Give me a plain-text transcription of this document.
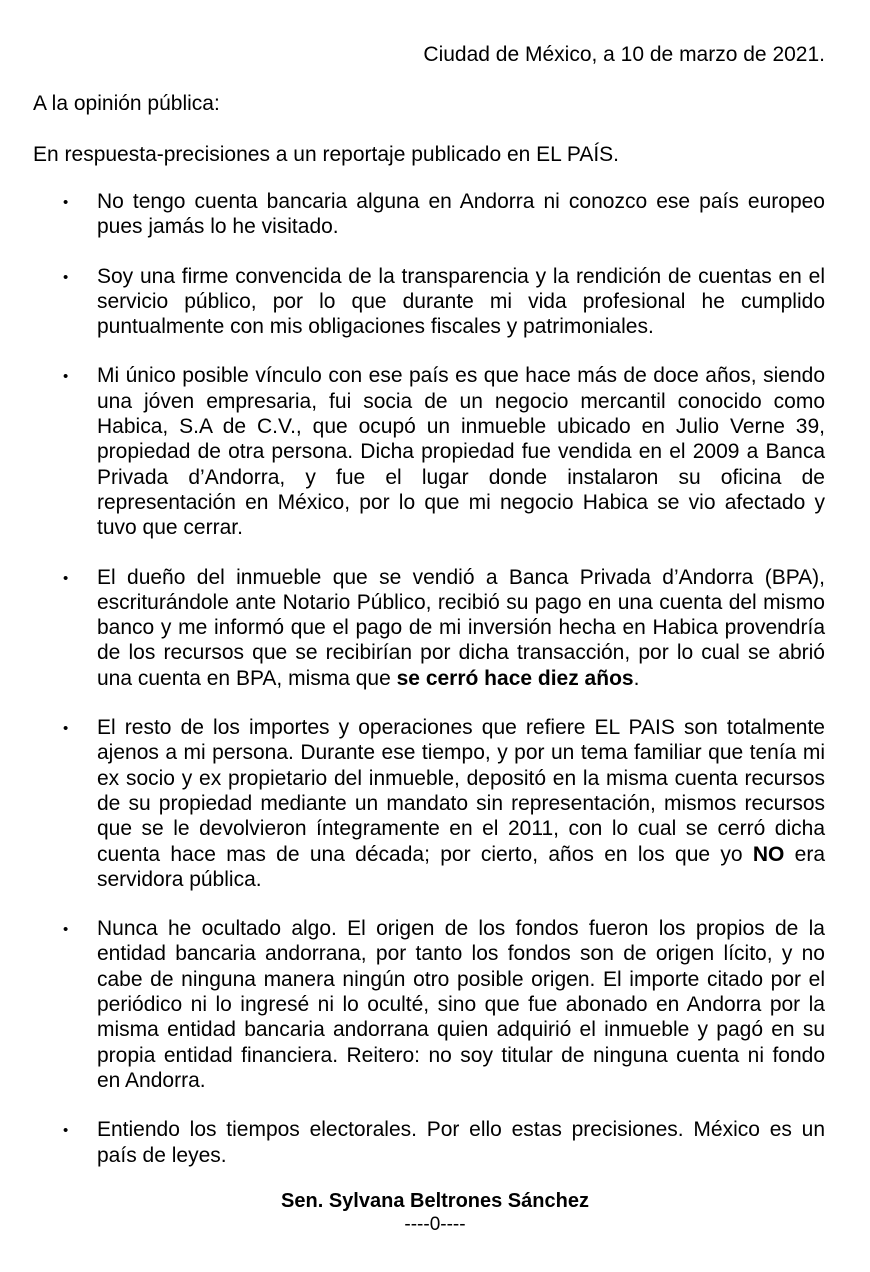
Ciudad de México, a 10 de marzo de 2021.
A la opinión pública:
En respuesta-precisiones a un reportaje publicado en EL PAÍS.
• No tengo cuenta bancaria alguna en Andorra ni conozco ese país europeo pues jamás lo he visitado.
• Soy una firme convencida de la transparencia y la rendición de cuentas en el servicio público, por lo que durante mi vida profesional he cumplido puntualmente con mis obligaciones fiscales y patrimoniales.
• Mi único posible vínculo con ese país es que hace más de doce años, siendo una jóven empresaria, fui socia de un negocio mercantil conocido como Habica, S.A de C.V., que ocupó un inmueble ubicado en Julio Verne 39, propiedad de otra persona. Dicha propiedad fue vendida en el 2009 a Banca Privada d’Andorra, y fue el lugar donde instalaron su oficina de representación en México, por lo que mi negocio Habica se vio afectado y tuvo que cerrar.
• El dueño del inmueble que se vendió a Banca Privada d’Andorra (BPA), escriturándole ante Notario Público, recibió su pago en una cuenta del mismo banco y me informó que el pago de mi inversión hecha en Habica provendría de los recursos que se recibirían por dicha transacción, por lo cual se abrió una cuenta en BPA, misma que se cerró hace diez años.
• El resto de los importes y operaciones que refiere EL PAIS son totalmente ajenos a mi persona. Durante ese tiempo, y por un tema familiar que tenía mi ex socio y ex propietario del inmueble, depositó en la misma cuenta recursos de su propiedad mediante un mandato sin representación, mismos recursos que se le devolvieron íntegramente en el 2011, con lo cual se cerró dicha cuenta hace mas de una década; por cierto, años en los que yo NO era servidora pública.
• Nunca he ocultado algo. El origen de los fondos fueron los propios de la entidad bancaria andorrana, por tanto los fondos son de origen lícito, y no cabe de ninguna manera ningún otro posible origen. El importe citado por el periódico ni lo ingresé ni lo oculté, sino que fue abonado en Andorra por la misma entidad bancaria andorrana quien adquirió el inmueble y pagó en su propia entidad financiera. Reitero: no soy titular de ninguna cuenta ni fondo en Andorra.
• Entiendo los tiempos electorales. Por ello estas precisiones. México es un país de leyes.
Sen. Sylvana Beltrones Sánchez
----0----
